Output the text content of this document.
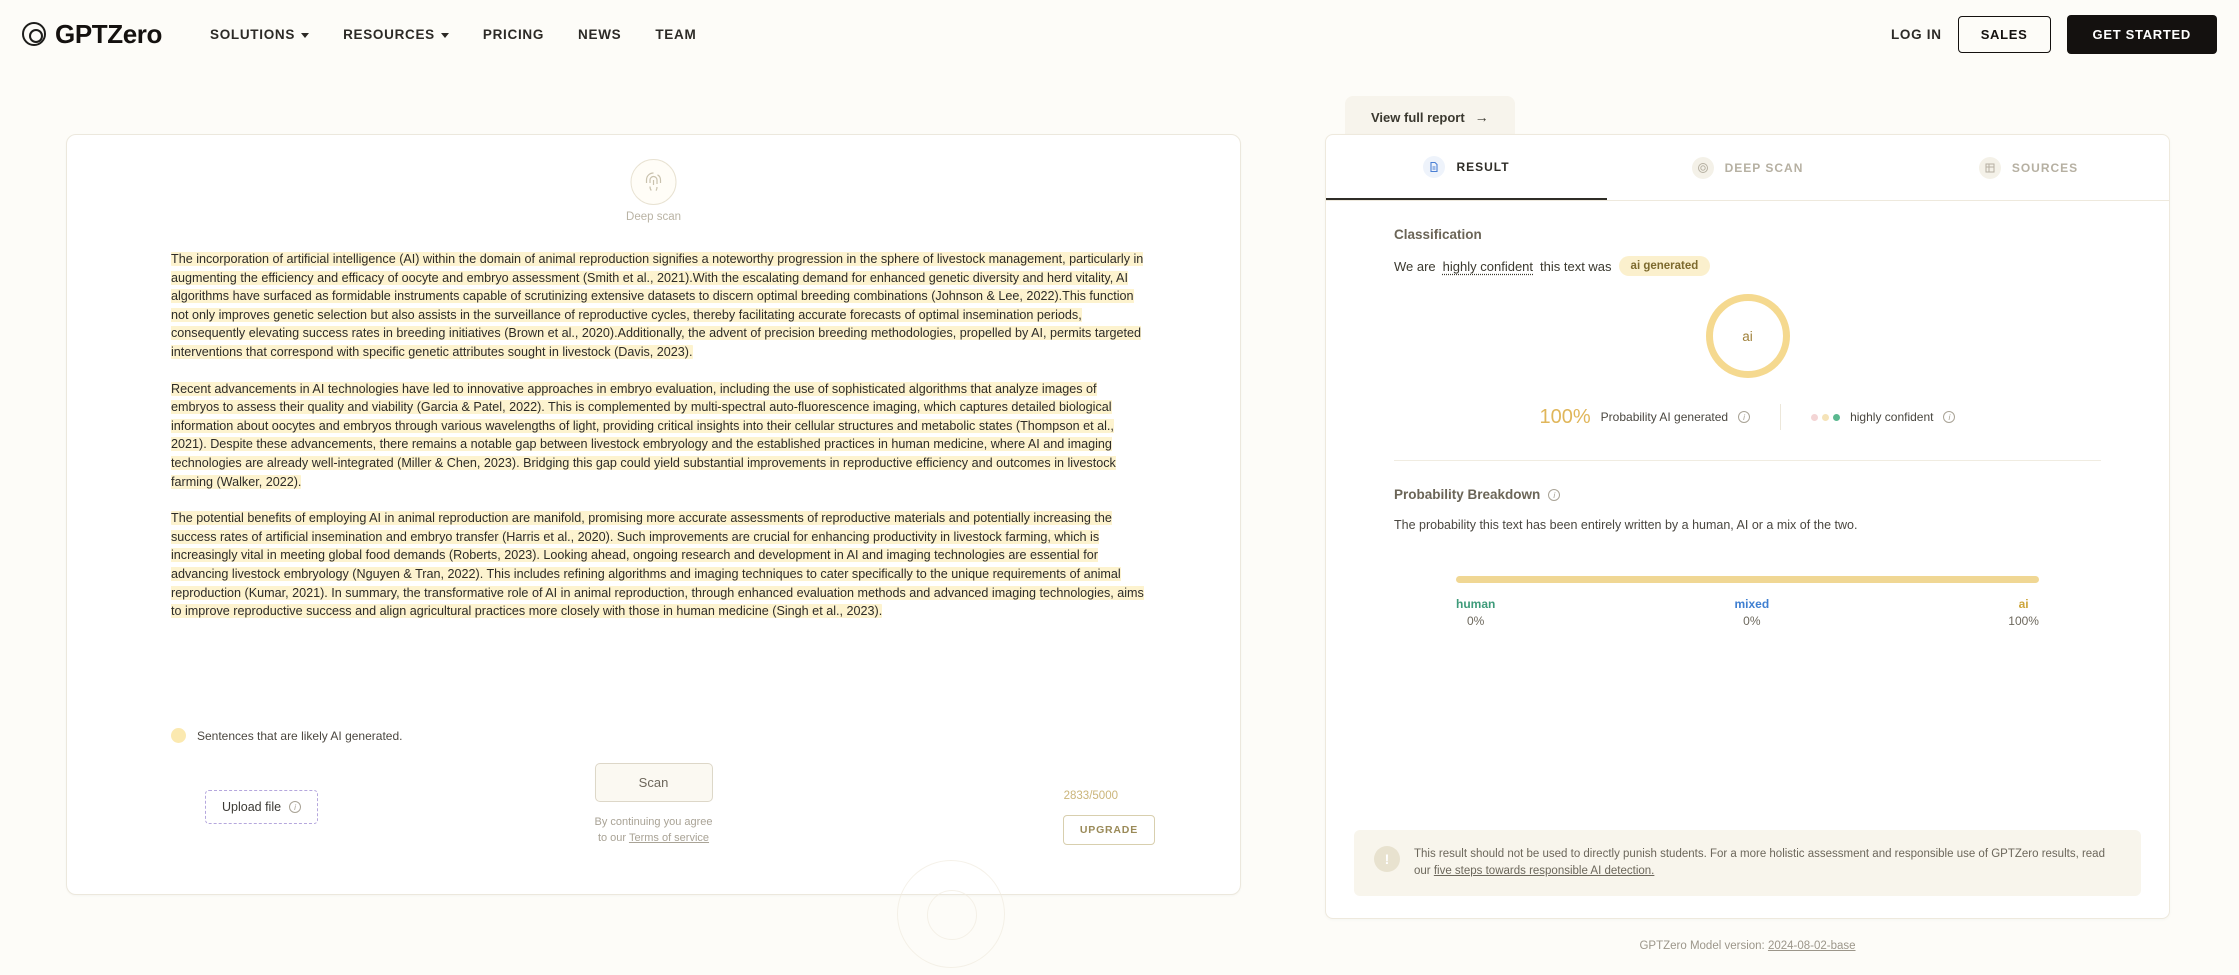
GPTZero	SOLUTIONS	RESOURCES	PRICING	NEWS	TEAM	LOG IN	SALES	GET STARTED
Deep scan

The incorporation of artificial intelligence (AI) within the domain of animal reproduction signifies a noteworthy progression in the sphere of livestock management, particularly in augmenting the efficiency and efficacy of oocyte and embryo assessment (Smith et al., 2021).With the escalating demand for enhanced genetic diversity and herd vitality, AI algorithms have surfaced as formidable instruments capable of scrutinizing extensive datasets to discern optimal breeding combinations (Johnson & Lee, 2022).This function not only improves genetic selection but also assists in the surveillance of reproductive cycles, thereby facilitating accurate forecasts of optimal insemination periods, consequently elevating success rates in breeding initiatives (Brown et al., 2020).Additionally, the advent of precision breeding methodologies, propelled by AI, permits targeted interventions that correspond with specific genetic attributes sought in livestock (Davis, 2023).

Recent advancements in AI technologies have led to innovative approaches in embryo evaluation, including the use of sophisticated algorithms that analyze images of embryos to assess their quality and viability (Garcia & Patel, 2022). This is complemented by multi-spectral auto-fluorescence imaging, which captures detailed biological information about oocytes and embryos through various wavelengths of light, providing critical insights into their cellular structures and metabolic states (Thompson et al., 2021). Despite these advancements, there remains a notable gap between livestock embryology and the established practices in human medicine, where AI and imaging technologies are already well-integrated (Miller & Chen, 2023). Bridging this gap could yield substantial improvements in reproductive efficiency and outcomes in livestock farming (Walker, 2022).

The potential benefits of employing AI in animal reproduction are manifold, promising more accurate assessments of reproductive materials and potentially increasing the success rates of artificial insemination and embryo transfer (Harris et al., 2020). Such improvements are crucial for enhancing productivity in livestock farming, which is increasingly vital in meeting global food demands (Roberts, 2023). Looking ahead, ongoing research and development in AI and imaging technologies are essential for advancing livestock embryology (Nguyen & Tran, 2022). This includes refining algorithms and imaging techniques to cater specifically to the unique requirements of animal reproduction (Kumar, 2021). In summary, the transformative role of AI in animal reproduction, through enhanced evaluation methods and advanced imaging technologies, aims to improve reproductive success and align agricultural practices more closely with those in human medicine (Singh et al., 2023).

Sentences that are likely AI generated.
Upload file	i
Scan
By continuing you agree
to our Terms of service
2833/5000
UPGRADE
View full report →
RESULT	DEEP SCAN	SOURCES
Classification
We are highly confident this text was	ai generated
ai
100% Probability AI generated	i	highly confident	i
Probability Breakdown	i
The probability this text has been entirely written by a human, AI or a mix of the two.
human
0%
mixed
0%
ai
100%
!	This result should not be used to directly punish students. For a more holistic assessment and responsible use of GPTZero results, read our five steps towards responsible AI detection.
GPTZero Model version: 2024-08-02-base
